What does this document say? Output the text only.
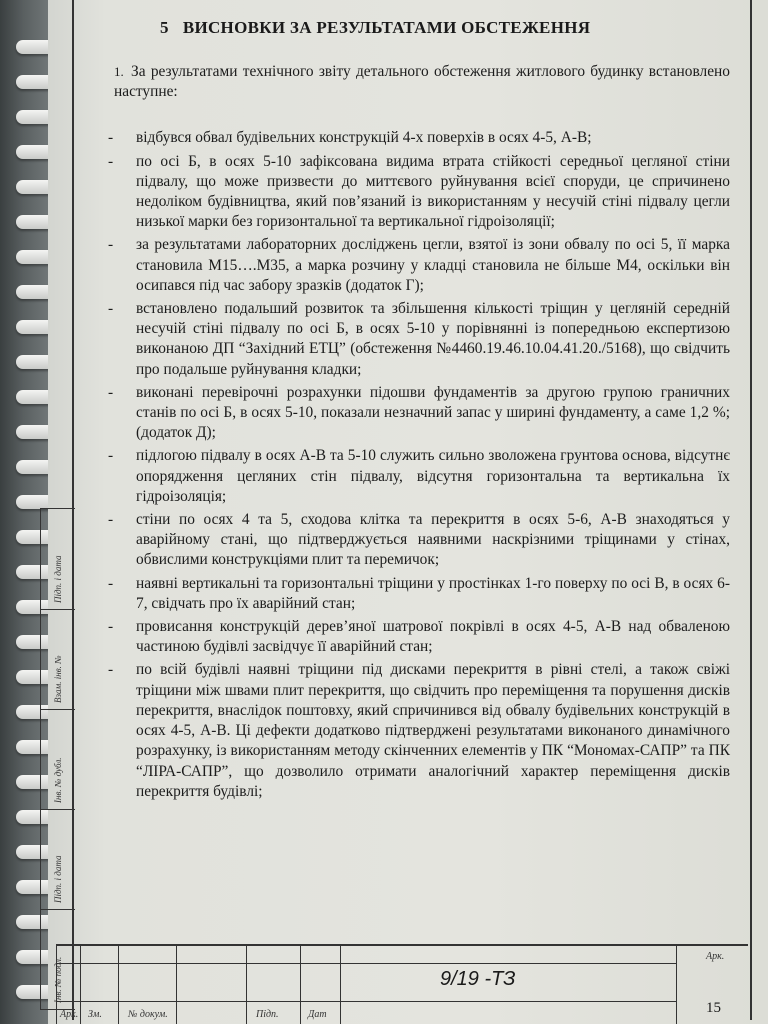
5 ВИСНОВКИ ЗА РЕЗУЛЬТАТАМИ ОБСТЕЖЕННЯ
1. За результатами технічного звіту детального обстеження житлового будинку встановлено наступне:
- відбувся обвал будівельних конструкцій 4-х поверхів в осях 4-5, А-В;
- по осі Б, в осях 5-10 зафіксована видима втрата стійкості середньої цегляної стіни підвалу, що може призвести до миттєвого руйнування всієї споруди, це спричинено недоліком будівництва, який пов’язаний із використанням у несучій стіні підвалу цегли низької марки без горизонтальної та вертикальної гідроізоляції;
- за результатами лабораторних досліджень цегли, взятої із зони обвалу по осі 5, її марка становила М15….М35, а марка розчину у кладці становила не більше М4, оскільки він осипався під час забору зразків (додаток Г);
- встановлено подальший розвиток та збільшення кількості тріщин у цегляній середній несучій стіні підвалу по осі Б, в осях 5-10 у порівнянні із попередньою експертизою виконаною ДП “Західний ЕТЦ” (обстеження №4460.19.46.10.04.41.20./5168), що свідчить про подальше руйнування кладки;
- виконані перевірочні розрахунки підошви фундаментів за другою групою граничних станів по осі Б, в осях 5-10, показали незначний запас у ширині фундаменту, а саме 1,2 %; (додаток Д);
- підлогою підвалу в осях А-В та 5-10 служить сильно зволожена грунтова основа, відсутнє опорядження цегляних стін підвалу, відсутня горизонтальна та вертикальна їх гідроізоляція;
- стіни по осях 4 та 5, сходова клітка та перекриття в осях 5-6, А-В знаходяться у аварійному стані, що підтверджується наявними наскрізними тріщинами у стінах, обвислими конструкціями плит та перемичок;
- наявні вертикальні та горизонтальні тріщини у простінках 1-го поверху по осі В, в осях 6-7, свідчать про їх аварійний стан;
- провисання конструкцій дерев’яної шатрової покрівлі в осях 4-5, А-В над обваленою частиною будівлі засвідчує її аварійний стан;
- по всій будівлі наявні тріщини під дисками перекриття в рівні стелі, а також свіжі тріщини між швами плит перекриття, що свідчить про переміщення та порушення дисків перекриття, внаслідок поштовху, який спричинився від обвалу будівельних конструкцій в осях 4-5, А-В. Ці дефекти додатково підтверджені результатами виконаного динамічного розрахунку, із використанням методу скінченних елементів у ПК “Мономах-САПР” та ПК “ЛІРА-САПР”, що дозволило отримати аналогічний характер переміщення дисків перекриття будівлі;
Підп. і дата
Взам. інв. №
Інв. № дубл.
Підп. і дата
Інв. № подл.
Арк. Зм.	№ докум.	Підп.	Дат
9/19 -ТЗ
Арк.
15
